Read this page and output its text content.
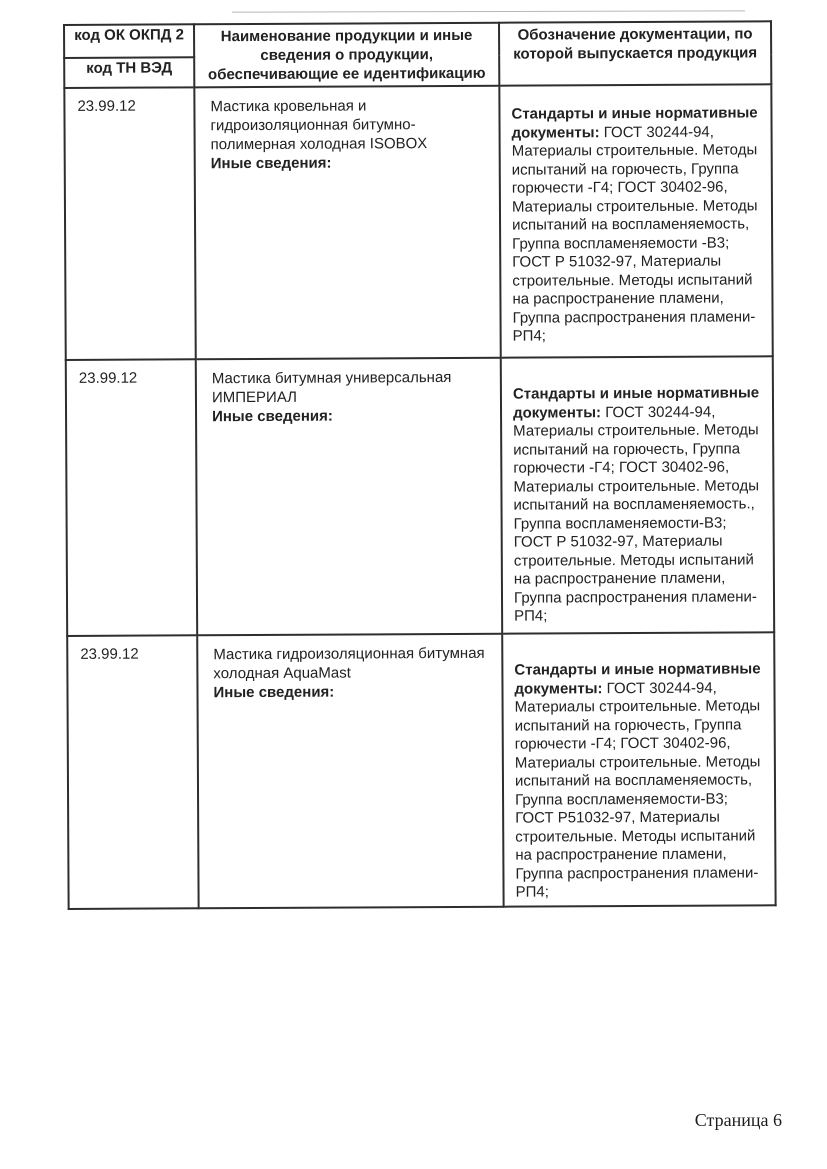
код ОК ОКПД 2	Наименование продукции и иные сведения о продукции, обеспечивающие ее идентификацию	Обозначение документации, по которой выпускается продукция
код ТН ВЭД		
23.99.12	Мастика кровельная и
гидроизоляционная битумно-
полимерная холодная ISOBOX
Иные сведения:
	Стандарты и иные нормативные документы: ГОСТ 30244-94, Материалы строительные. Методы испытаний на горючесть, Группа горючести -Г4; ГОСТ 30402-96, Материалы строительные. Методы испытаний на воспламеняемость, Группа воспламеняемости -В3; ГОСТ Р 51032-97, Материалы строительные. Методы испытаний на распространение пламени, Группа распространения пламени-РП4;
23.99.12	Мастика битумная универсальная
ИМПЕРИАЛ
Иные сведения:
	Стандарты и иные нормативные документы: ГОСТ 30244-94, Материалы строительные. Методы испытаний на горючесть, Группа горючести -Г4; ГОСТ 30402-96, Материалы строительные. Методы испытаний на воспламеняемость., Группа воспламеняемости-В3; ГОСТ Р 51032-97, Материалы строительные. Методы испытаний на распространение пламени, Группа распространения пламени-РП4;
23.99.12	Мастика гидроизоляционная битумная
холодная AquaMast
Иные сведения:
	Стандарты и иные нормативные документы: ГОСТ 30244-94, Материалы строительные. Методы испытаний на горючесть, Группа горючести -Г4; ГОСТ 30402-96, Материалы строительные. Методы испытаний на воспламеняемость, Группа воспламеняемости-В3; ГОСТ Р51032-97, Материалы строительные. Методы испытаний на распространение пламени, Группа распространения пламени-РП4;
Страница 6
